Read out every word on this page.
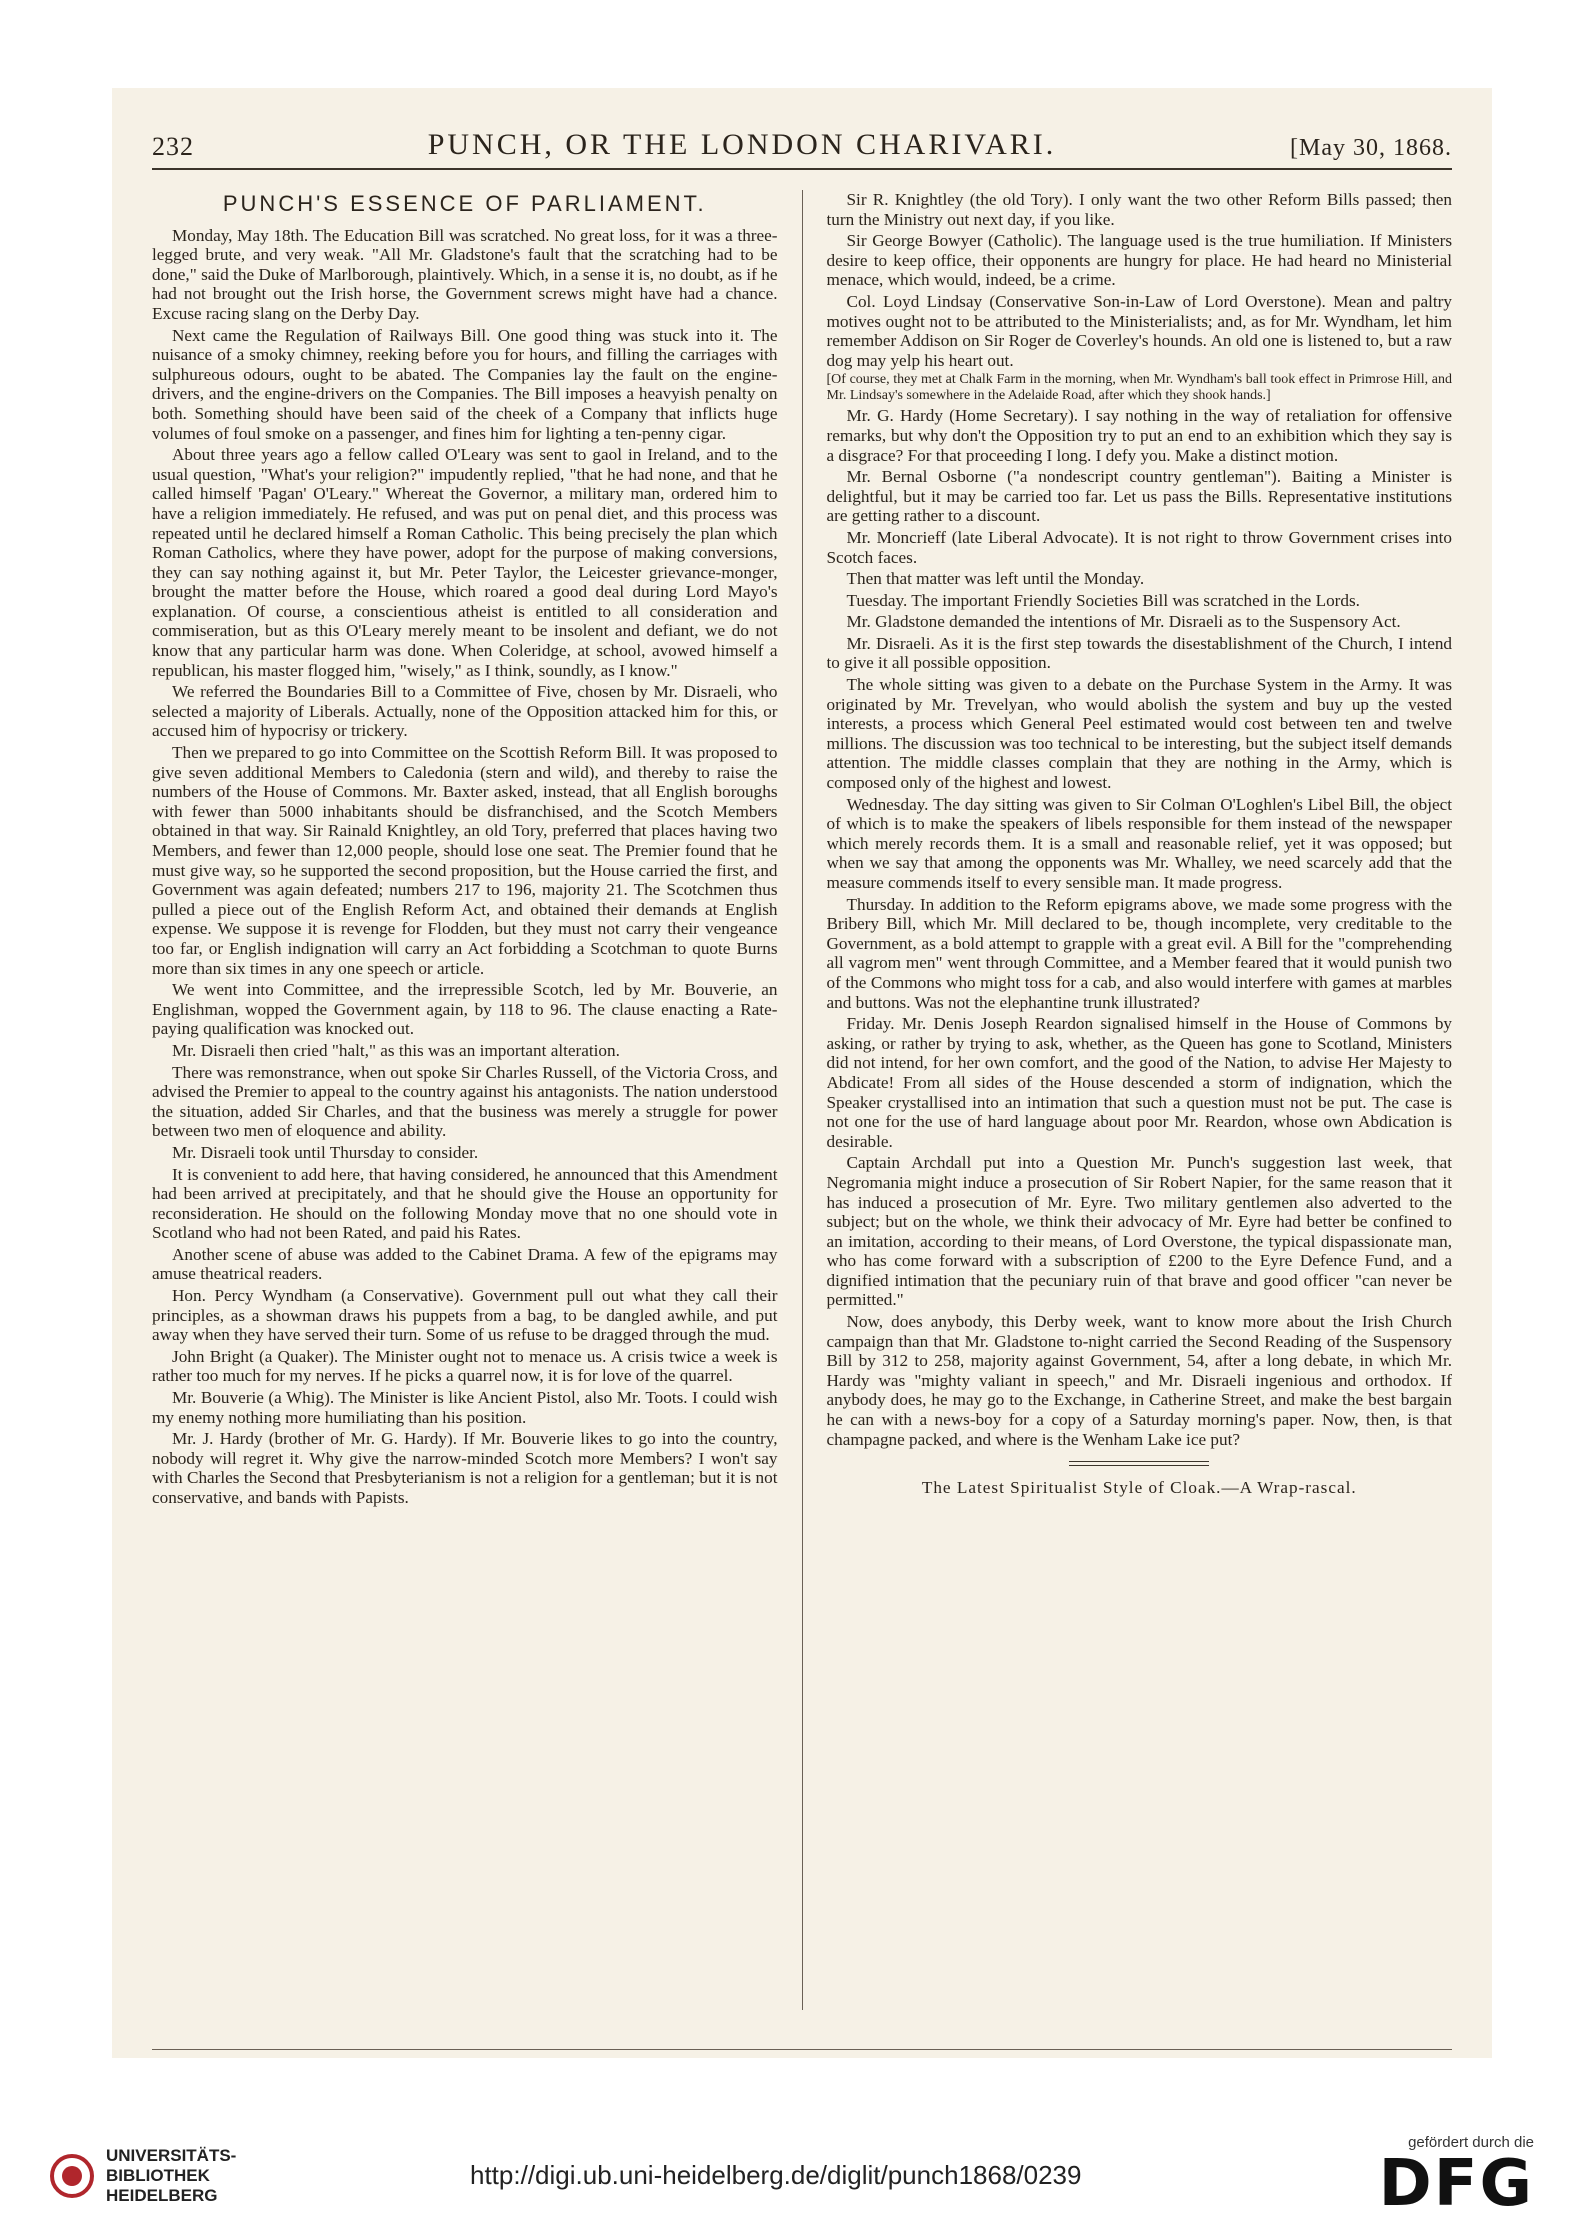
232	PUNCH, OR THE LONDON CHARIVARI.	[May 30, 1868.
PUNCH'S ESSENCE OF PARLIAMENT.

Monday, May 18th. The Education Bill was scratched. No great loss, for it was a three-legged brute, and very weak. "All Mr. Gladstone's fault that the scratching had to be done," said the Duke of Marlborough, plaintively. Which, in a sense it is, no doubt, as if he had not brought out the Irish horse, the Government screws might have had a chance. Excuse racing slang on the Derby Day.

Next came the Regulation of Railways Bill. One good thing was stuck into it. The nuisance of a smoky chimney, reeking before you for hours, and filling the carriages with sulphureous odours, ought to be abated. The Companies lay the fault on the engine-drivers, and the engine-drivers on the Companies. The Bill imposes a heavyish penalty on both. Something should have been said of the cheek of a Company that inflicts huge volumes of foul smoke on a passenger, and fines him for lighting a ten-penny cigar.

About three years ago a fellow called O'Leary was sent to gaol in Ireland, and to the usual question, "What's your religion?" impudently replied, "that he had none, and that he called himself 'Pagan' O'Leary." Whereat the Governor, a military man, ordered him to have a religion immediately. He refused, and was put on penal diet, and this process was repeated until he declared himself a Roman Catholic. This being precisely the plan which Roman Catholics, where they have power, adopt for the purpose of making conversions, they can say nothing against it, but Mr. Peter Taylor, the Leicester grievance-monger, brought the matter before the House, which roared a good deal during Lord Mayo's explanation. Of course, a conscientious atheist is entitled to all consideration and commiseration, but as this O'Leary merely meant to be insolent and defiant, we do not know that any particular harm was done. When Coleridge, at school, avowed himself a republican, his master flogged him, "wisely," as I think, soundly, as I know."

We referred the Boundaries Bill to a Committee of Five, chosen by Mr. Disraeli, who selected a majority of Liberals. Actually, none of the Opposition attacked him for this, or accused him of hypocrisy or trickery.

Then we prepared to go into Committee on the Scottish Reform Bill. It was proposed to give seven additional Members to Caledonia (stern and wild), and thereby to raise the numbers of the House of Commons. Mr. Baxter asked, instead, that all English boroughs with fewer than 5000 inhabitants should be disfranchised, and the Scotch Members obtained in that way. Sir Rainald Knightley, an old Tory, preferred that places having two Members, and fewer than 12,000 people, should lose one seat. The Premier found that he must give way, so he supported the second proposition, but the House carried the first, and Government was again defeated; numbers 217 to 196, majority 21. The Scotchmen thus pulled a piece out of the English Reform Act, and obtained their demands at English expense. We suppose it is revenge for Flodden, but they must not carry their vengeance too far, or English indignation will carry an Act forbidding a Scotchman to quote Burns more than six times in any one speech or article.

We went into Committee, and the irrepressible Scotch, led by Mr. Bouverie, an Englishman, wopped the Government again, by 118 to 96. The clause enacting a Rate-paying qualification was knocked out.

Mr. Disraeli then cried "halt," as this was an important alteration.

There was remonstrance, when out spoke Sir Charles Russell, of the Victoria Cross, and advised the Premier to appeal to the country against his antagonists. The nation understood the situation, added Sir Charles, and that the business was merely a struggle for power between two men of eloquence and ability.

Mr. Disraeli took until Thursday to consider.

It is convenient to add here, that having considered, he announced that this Amendment had been arrived at precipitately, and that he should give the House an opportunity for reconsideration. He should on the following Monday move that no one should vote in Scotland who had not been Rated, and paid his Rates.

Another scene of abuse was added to the Cabinet Drama. A few of the epigrams may amuse theatrical readers.

Hon. Percy Wyndham (a Conservative). Government pull out what they call their principles, as a showman draws his puppets from a bag, to be dangled awhile, and put away when they have served their turn. Some of us refuse to be dragged through the mud.

John Bright (a Quaker). The Minister ought not to menace us. A crisis twice a week is rather too much for my nerves. If he picks a quarrel now, it is for love of the quarrel.

Mr. Bouverie (a Whig). The Minister is like Ancient Pistol, also Mr. Toots. I could wish my enemy nothing more humiliating than his position.

Mr. J. Hardy (brother of Mr. G. Hardy). If Mr. Bouverie likes to go into the country, nobody will regret it. Why give the narrow-minded Scotch more Members? I won't say with Charles the Second that Presbyterianism is not a religion for a gentleman; but it is not conservative, and bands with Papists.

Sir R. Knightley (the old Tory). I only want the two other Reform Bills passed; then turn the Ministry out next day, if you like.

Sir George Bowyer (Catholic). The language used is the true humiliation. If Ministers desire to keep office, their opponents are hungry for place. He had heard no Ministerial menace, which would, indeed, be a crime.

Col. Loyd Lindsay (Conservative Son-in-Law of Lord Overstone). Mean and paltry motives ought not to be attributed to the Ministerialists; and, as for Mr. Wyndham, let him remember Addison on Sir Roger de Coverley's hounds. An old one is listened to, but a raw dog may yelp his heart out.

[Of course, they met at Chalk Farm in the morning, when Mr. Wyndham's ball took effect in Primrose Hill, and Mr. Lindsay's somewhere in the Adelaide Road, after which they shook hands.]

Mr. G. Hardy (Home Secretary). I say nothing in the way of retaliation for offensive remarks, but why don't the Opposition try to put an end to an exhibition which they say is a disgrace? For that proceeding I long. I defy you. Make a distinct motion.

Mr. Bernal Osborne ("a nondescript country gentleman"). Baiting a Minister is delightful, but it may be carried too far. Let us pass the Bills. Representative institutions are getting rather to a discount.

Mr. Moncrieff (late Liberal Advocate). It is not right to throw Government crises into Scotch faces.

Then that matter was left until the Monday.

Tuesday. The important Friendly Societies Bill was scratched in the Lords.

Mr. Gladstone demanded the intentions of Mr. Disraeli as to the Suspensory Act.

Mr. Disraeli. As it is the first step towards the disestablishment of the Church, I intend to give it all possible opposition.

The whole sitting was given to a debate on the Purchase System in the Army. It was originated by Mr. Trevelyan, who would abolish the system and buy up the vested interests, a process which General Peel estimated would cost between ten and twelve millions. The discussion was too technical to be interesting, but the subject itself demands attention. The middle classes complain that they are nothing in the Army, which is composed only of the highest and lowest.

Wednesday. The day sitting was given to Sir Colman O'Loghlen's Libel Bill, the object of which is to make the speakers of libels responsible for them instead of the newspaper which merely records them. It is a small and reasonable relief, yet it was opposed; but when we say that among the opponents was Mr. Whalley, we need scarcely add that the measure commends itself to every sensible man. It made progress.

Thursday. In addition to the Reform epigrams above, we made some progress with the Bribery Bill, which Mr. Mill declared to be, though incomplete, very creditable to the Government, as a bold attempt to grapple with a great evil. A Bill for the "comprehending all vagrom men" went through Committee, and a Member feared that it would punish two of the Commons who might toss for a cab, and also would interfere with games at marbles and buttons. Was not the elephantine trunk illustrated?

Friday. Mr. Denis Joseph Reardon signalised himself in the House of Commons by asking, or rather by trying to ask, whether, as the Queen has gone to Scotland, Ministers did not intend, for her own comfort, and the good of the Nation, to advise Her Majesty to Abdicate! From all sides of the House descended a storm of indignation, which the Speaker crystallised into an intimation that such a question must not be put. The case is not one for the use of hard language about poor Mr. Reardon, whose own Abdication is desirable.

Captain Archdall put into a Question Mr. Punch's suggestion last week, that Negromania might induce a prosecution of Sir Robert Napier, for the same reason that it has induced a prosecution of Mr. Eyre. Two military gentlemen also adverted to the subject; but on the whole, we think their advocacy of Mr. Eyre had better be confined to an imitation, according to their means, of Lord Overstone, the typical dispassionate man, who has come forward with a subscription of £200 to the Eyre Defence Fund, and a dignified intimation that the pecuniary ruin of that brave and good officer "can never be permitted."

Now, does anybody, this Derby week, want to know more about the Irish Church campaign than that Mr. Gladstone to-night carried the Second Reading of the Suspensory Bill by 312 to 258, majority against Government, 54, after a long debate, in which Mr. Hardy was "mighty valiant in speech," and Mr. Disraeli ingenious and orthodox. If anybody does, he may go to the Exchange, in Catherine Street, and make the best bargain he can with a news-boy for a copy of a Saturday morning's paper. Now, then, is that champagne packed, and where is the Wenham Lake ice put?

The Latest Spiritualist Style of Cloak.—A Wrap-rascal.
UNIVERSITÄTS-
BIBLIOTHEK
HEIDELBERG
http://digi.ub.uni-heidelberg.de/diglit/punch1868/0239
gefördert durch die
DFG
